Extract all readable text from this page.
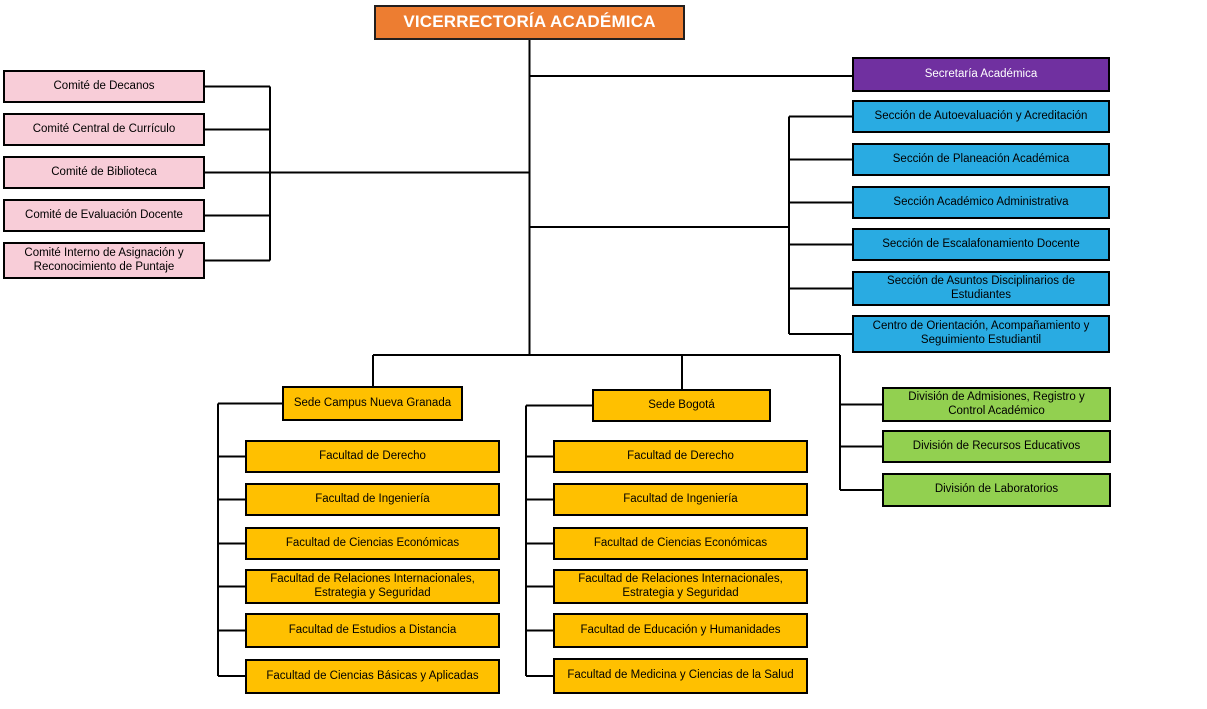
VICERRECTORÍA ACADÉMICA
Comité de Decanos
Comité Central de Currículo
Comité de Biblioteca
Comité de Evaluación Docente
Comité Interno de Asignación y Reconocimiento de Puntaje
Secretaría Académica
Sección de Autoevaluación y Acreditación
Sección de Planeación Académica
Sección Académico Administrativa
Sección de Escalafonamiento Docente
Sección de Asuntos Disciplinarios de Estudiantes
Centro de Orientación, Acompañamiento y Seguimiento Estudiantil
División de Admisiones, Registro y Control Académico
División de Recursos Educativos
División de Laboratorios
Sede Campus Nueva Granada
Facultad de Derecho
Facultad de Ingeniería
Facultad de Ciencias Económicas
Facultad de Relaciones Internacionales, Estrategia y Seguridad
Facultad de Estudios a Distancia
Facultad de Ciencias Básicas y Aplicadas
Sede Bogotá
Facultad de Derecho
Facultad de Ingeniería
Facultad de Ciencias Económicas
Facultad de Relaciones Internacionales, Estrategia y Seguridad
Facultad de Educación y Humanidades
Facultad de Medicina y Ciencias de la Salud
